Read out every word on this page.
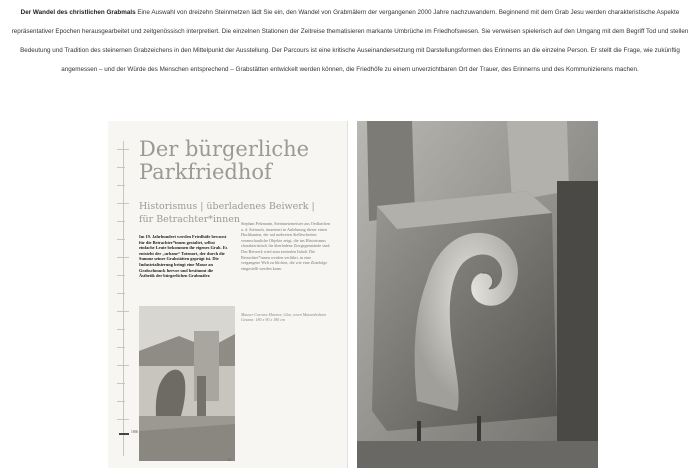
Der Wandel des christlichen Grabmals Eine Auswahl von dreizehn Steinmetzen lädt Sie ein, den Wandel von Grabmälern der vergangenen 2000 Jahre nachzuwandern. Beginnend mit dem Grab Jesu werden charakteristische Aspekte repräsentativer Epochen herausgearbeitet und zeitgenössisch interpretiert. Die einzelnen Stationen der Zeitreise thematisieren markante Umbrüche im Friedhofswesen. Sie verweisen spielerisch auf den Umgang mit dem Begriff Tod und stellen Bedeutung und Tradition des steinernen Grabzeichens in den Mittelpunkt der Ausstellung. Der Parcours ist eine kritische Auseinandersetzung mit Darstellungsformen des Erinnerns an die einzelne Person. Er stellt die Frage, wie zukünftig angemessen – und der Würde des Menschen entsprechend – Grabstätten entwickelt werden können, die Friedhöfe zu einem unverzichtbaren Ort der Trauer, des Erinnerns und des Kommunizierens machen.
1860
Der bürgerliche
Parkfriedhof
Historismus | überladenes Beiwerk |
für Betrachter*innen
Im 19. Jahrhundert werden Friedhöfe bewusst für die Betrachter*innen gestaltet, selbst einfache Leute bekommen ihr eigenes Grab. Es entsteht der „urbane“ Totenort, der durch die Summe seiner Grabstätten geprägt ist. Die Industrialisierung bringt eine Masse an Grabschmuck hervor und bestimmt die Ästhetik der bürgerlichen Grabmäler.
Stephan Pelzmann, Steinmetzmeister aus Oedlarchen a. d. Steinach, inszeniert in Anlehnung dieser einen Hochkanten, der auf mehreren Stelleschreien veranschauliche Objekte zeigt, die ins Historismus charakteristisch für überladene Ziergegenstände sind. Das Beiwerk wird zum zentralen Inhalt. Die Betrachter*innen werden verführt, in eine vergangene Welt zu blicken, die wie eine Zitatfolge eingestellt werden kann.
Mauser Carrara Marmor, Glas, rosen Mutzenbohnen Gesamt: 180 x 90 x 180 cm
14
